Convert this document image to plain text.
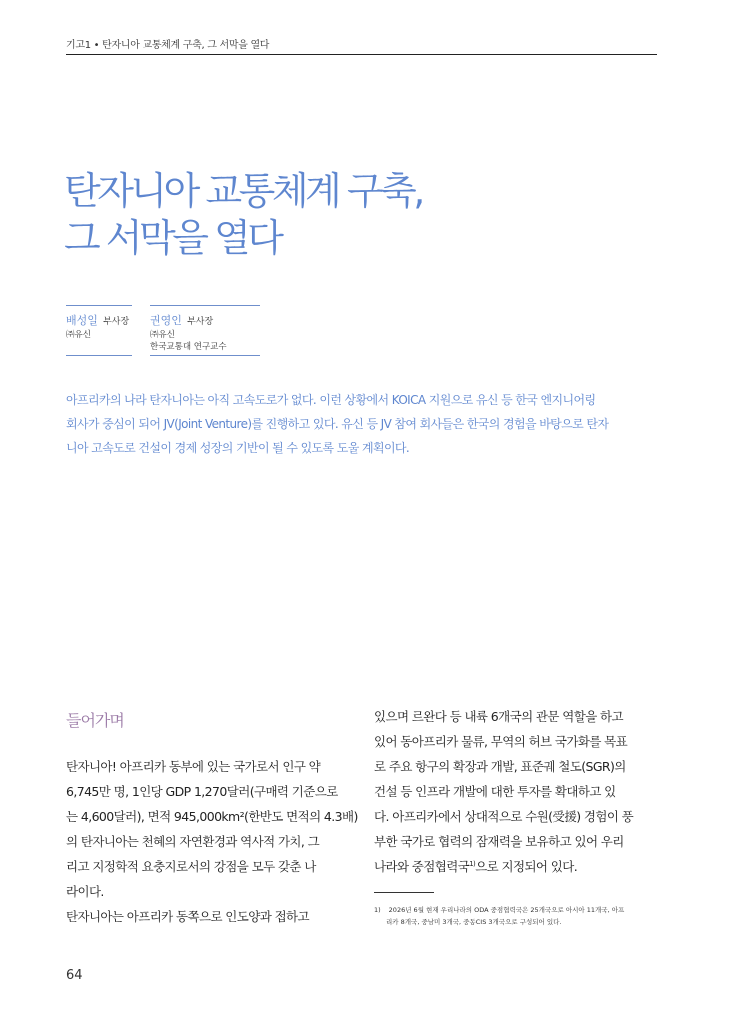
기고1 • 탄자니아 교통체계 구축, 그 서막을 열다
탄자니아 교통체계 구축,
그 서막을 열다
배성일 부사장
㈜유신
권영인 부사장
㈜유신
한국교통대 연구교수

아프리카의 나라 탄자니아는 아직 고속도로가 없다. 이런 상황에서 KOICA 지원으로 유신 등 한국 엔지니어링
회사가 중심이 되어 JV(Joint Venture)를 진행하고 있다. 유신 등 JV 참여 회사들은 한국의 경험을 바탕으로 탄자
니아 고속도로 건설이 경제 성장의 기반이 될 수 있도록 도울 계획이다.

들어가며

탄자니아! 아프리카 동부에 있는 국가로서 인구 약
6,745만 명, 1인당 GDP 1,270달러(구매력 기준으로
는 4,600달러), 면적 945,000km²(한반도 면적의 4.3배)
의 탄자니아는 천혜의 자연환경과 역사적 가치, 그
리고 지정학적 요충지로서의 강점을 모두 갖춘 나
라이다.
탄자니아는 아프리카 동쪽으로 인도양과 접하고

있으며 르완다 등 내륙 6개국의 관문 역할을 하고
있어 동아프리카 물류, 무역의 허브 국가화를 목표
로 주요 항구의 확장과 개발, 표준궤 철도(SGR)의
건설 등 인프라 개발에 대한 투자를 확대하고 있
다. 아프리카에서 상대적으로 수원(受援) 경험이 풍
부한 국가로 협력의 잠재력을 보유하고 있어 우리
나라와 중점협력국$^{1)}$으로 지정되어 있다.

1) 2026년 6월 현재 우리나라의 ODA 중점협력국은 25개국으로 아시아 11개국, 아프
리카 8개국, 중남미 3개국, 중동CIS 3개국으로 구성되어 있다.

64
